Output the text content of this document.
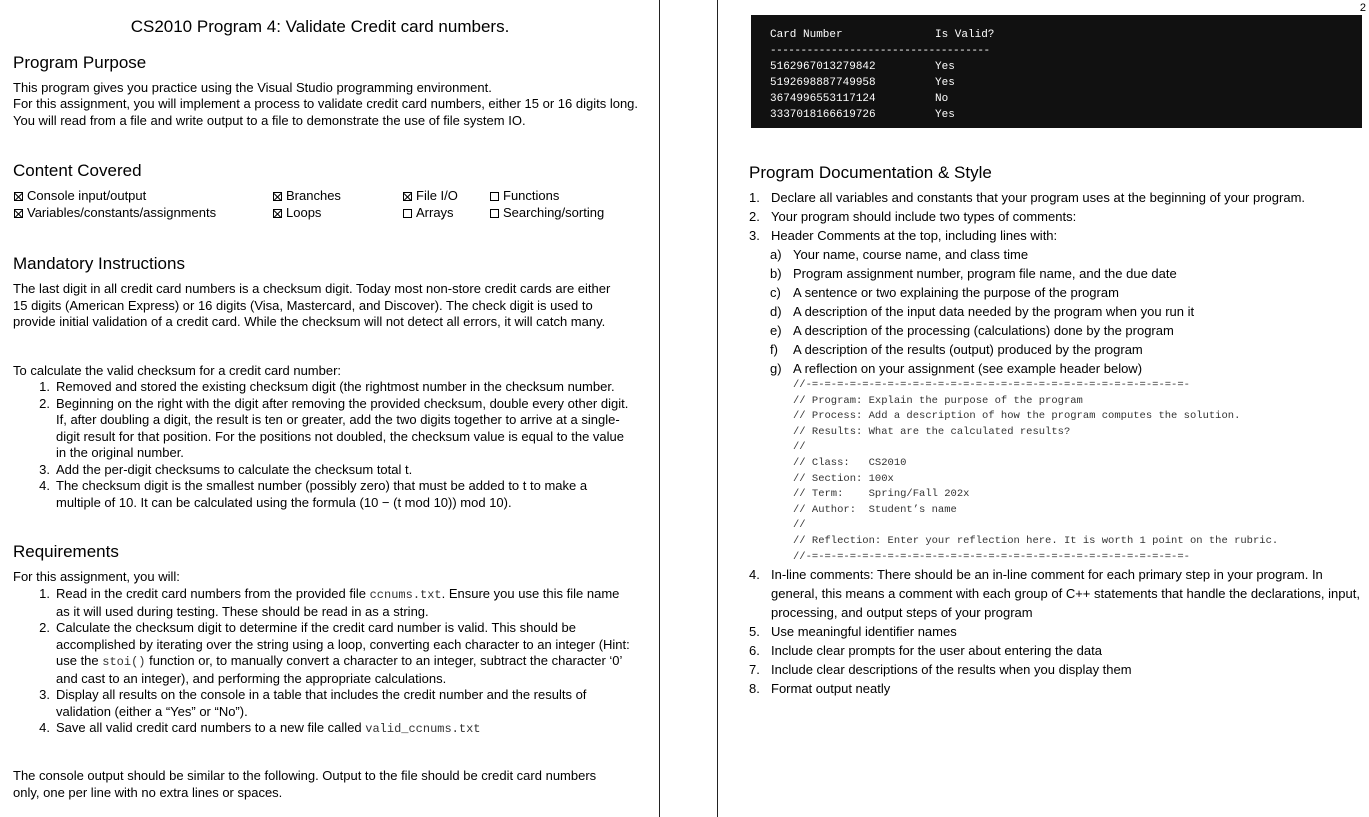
CS2010 Program 4: Validate Credit card numbers.
Program Purpose
This program gives you practice using the Visual Studio programming environment.
For this assignment, you will implement a process to validate credit card numbers, either 15 or 16 digits long. You will read from a file and write output to a file to demonstrate the use of file system IO.
Content Covered
Console input/output
Variables/constants/assignments
Branches
Loops
File I/O
Arrays
Functions
Searching/sorting
Mandatory Instructions
The last digit in all credit card numbers is a checksum digit. Today most non-store credit cards are either 15 digits (American Express) or 16 digits (Visa, Mastercard, and Discover). The check digit is used to provide initial validation of a credit card. While the checksum will not detect all errors, it will catch many.
To calculate the valid checksum for a credit card number:
1. Removed and stored the existing checksum digit (the rightmost number in the checksum number.
2. Beginning on the right with the digit after removing the provided checksum, double every other digit. If, after doubling a digit, the result is ten or greater, add the two digits together to arrive at a single-digit result for that position. For the positions not doubled, the checksum value is equal to the value in the original number.
3. Add the per-digit checksums to calculate the checksum total t.
4. The checksum digit is the smallest number (possibly zero) that must be added to t to make a multiple of 10. It can be calculated using the formula (10 − (t mod 10)) mod 10).
Requirements
For this assignment, you will:
1. Read in the credit card numbers from the provided file ccnums.txt. Ensure you use this file name as it will used during testing. These should be read in as a string.
2. Calculate the checksum digit to determine if the credit card number is valid. This should be accomplished by iterating over the string using a loop, converting each character to an integer (Hint: use the stoi() function or, to manually convert a character to an integer, subtract the character ‘0’ and cast to an integer), and performing the appropriate calculations.
3. Display all results on the console in a table that includes the credit number and the results of validation (either a “Yes” or “No”).
4. Save all valid credit card numbers to a new file called valid_ccnums.txt
The console output should be similar to the following. Output to the file should be credit card numbers only, one per line with no extra lines or spaces.
2
Card Number	Is Valid?
------------------------------------
5162967013279842	Yes
5192698887749958	Yes
3674996553117124	No
3337018166619726	Yes
Program Documentation & Style
1. Declare all variables and constants that your program uses at the beginning of your program.
2. Your program should include two types of comments:
3. Header Comments at the top, including lines with:
a) Your name, course name, and class time
b) Program assignment number, program file name, and the due date
c) A sentence or two explaining the purpose of the program
d) A description of the input data needed by the program when you run it
e) A description of the processing (calculations) done by the program
f) A description of the results (output) produced by the program
g) A reflection on your assignment (see example header below)
//-=-=-=-=-=-=-=-=-=-=-=-=-=-=-=-=-=-=-=-=-=-=-=-=-=-=-=-=-=-=-
// Program: Explain the purpose of the program
// Process: Add a description of how the program computes the solution.
// Results: What are the calculated results?
//
// Class:   CS2010
// Section: 100x
// Term:    Spring/Fall 202x
// Author:  Student’s name
//
// Reflection: Enter your reflection here. It is worth 1 point on the rubric.
//-=-=-=-=-=-=-=-=-=-=-=-=-=-=-=-=-=-=-=-=-=-=-=-=-=-=-=-=-=-=-
4. In-line comments: There should be an in-line comment for each primary step in your program. In general, this means a comment with each group of C++ statements that handle the declarations, input, processing, and output steps of your program
5. Use meaningful identifier names
6. Include clear prompts for the user about entering the data
7. Include clear descriptions of the results when you display them
8. Format output neatly
